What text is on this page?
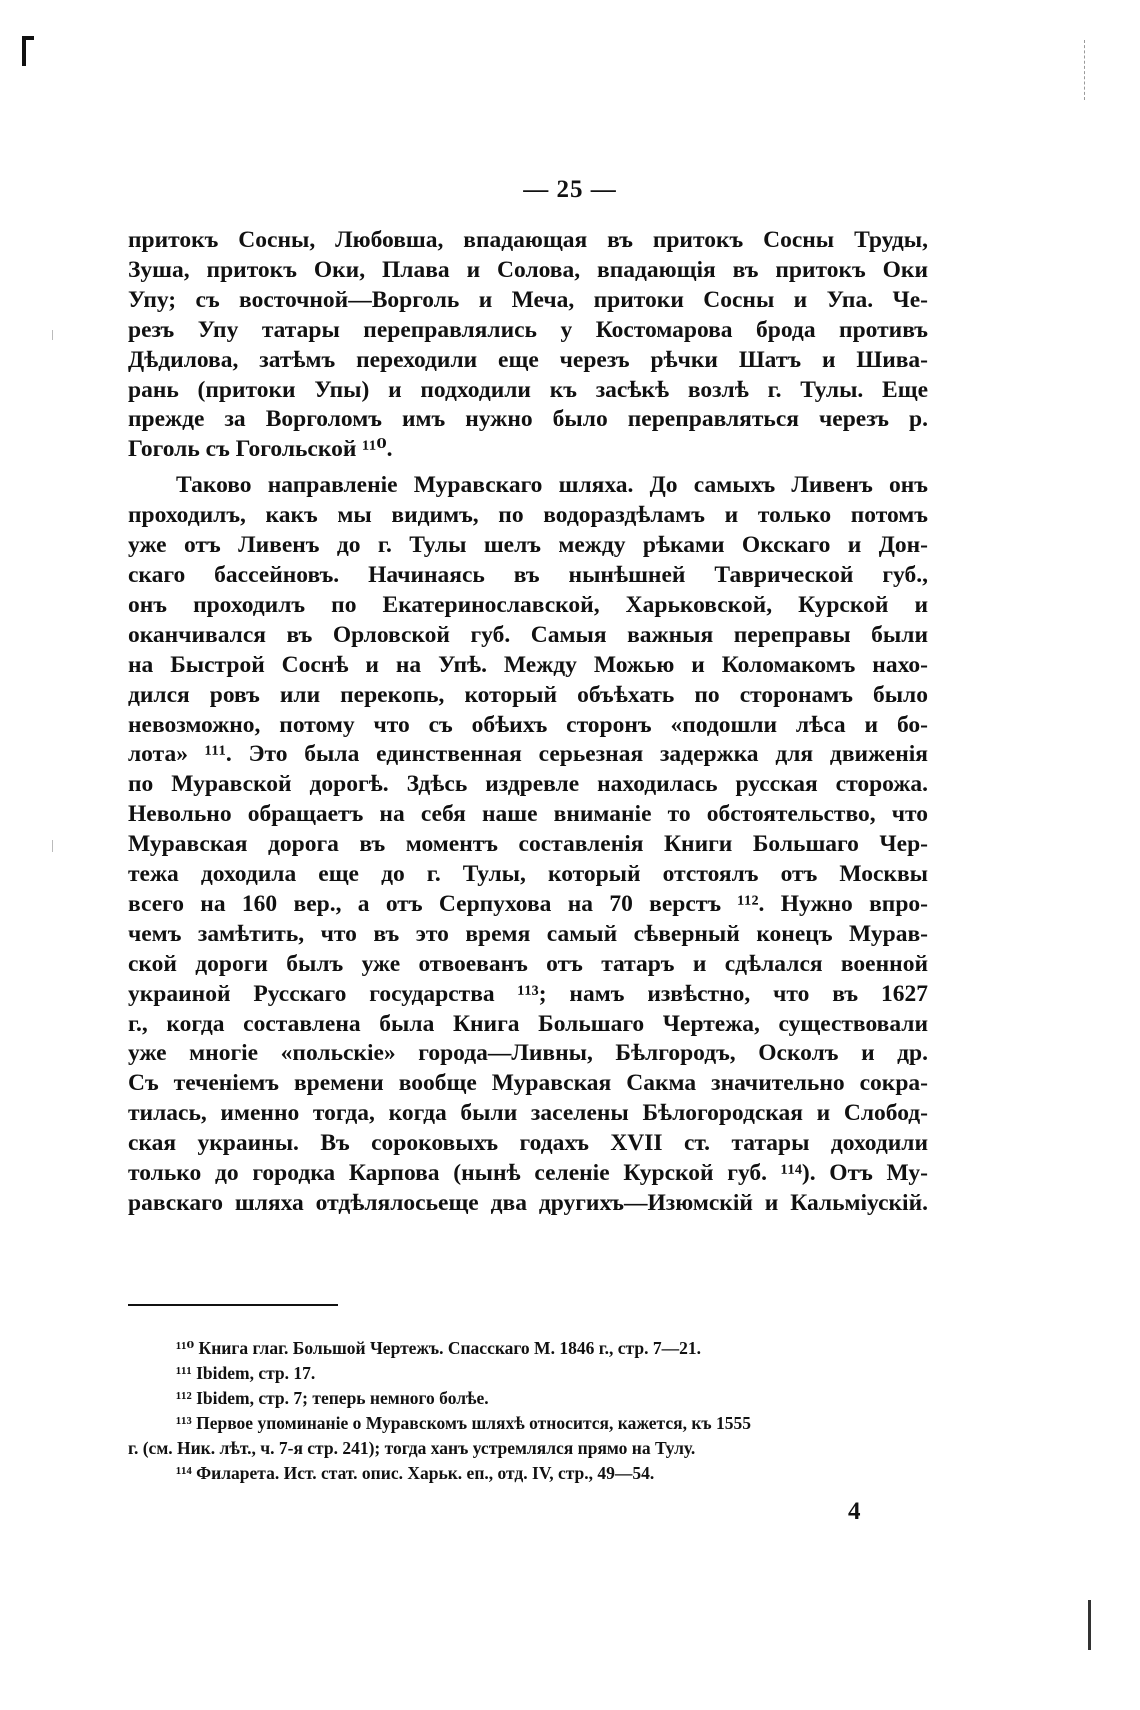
— 25 —
притокъ Сосны, Любовша, впадающая въ притокъ Сосны Труды,
Зуша, притокъ Оки, Плава и Солова, впадающія въ притокъ Оки
Упу; съ восточной—Ворголь и Меча, притоки Сосны и Упа. Че-
резъ Упу татары переправлялись у Костомарова брода противъ
Дѣдилова, затѣмъ переходили еще черезъ рѣчки Шатъ и Шива-
рань (притоки Упы) и подходили къ засѣкѣ возлѣ г. Тулы. Еще
прежде за Ворголомъ имъ нужно было переправляться черезъ р.
Гоголь съ Гогольской ¹¹⁰.
Таково направленіе Муравскаго шляха. До самыхъ Ливенъ онъ
проходилъ, какъ мы видимъ, по водораздѣламъ и только потомъ
уже отъ Ливенъ до г. Тулы шелъ между рѣками Окскаго и Дон-
скаго бассейновъ. Начинаясь въ нынѣшней Таврической губ.,
онъ проходилъ по Екатеринославской, Харьковской, Курской и
оканчивался въ Орловской губ. Самыя важныя переправы были
на Быстрой Соснѣ и на Упѣ. Между Можью и Коломакомъ нахо-
дился ровъ или перекопь, который объѣхать по сторонамъ было
невозможно, потому что съ обѣихъ сторонъ «подошли лѣса и бо-
лота» ¹¹¹. Это была единственная серьезная задержка для движенія
по Муравской дорогѣ. Здѣсь издревле находилась русская сторожа.
Невольно обращаетъ на себя наше вниманіе то обстоятельство, что
Муравская дорога въ моментъ составленія Книги Большаго Чер-
тежа доходила еще до г. Тулы, который отстоялъ отъ Москвы
всего на 160 вер., а отъ Серпухова на 70 верстъ ¹¹². Нужно впро-
чемъ замѣтить, что въ это время самый сѣверный конецъ Мурав-
ской дороги былъ уже отвоеванъ отъ татаръ и сдѣлался военной
украиной Русскаго государства ¹¹³; намъ извѣстно, что въ 1627
г., когда составлена была Книга Большаго Чертежа, существовали
уже многіе «польскіе» города—Ливны, Бѣлгородъ, Осколъ и др.
Съ теченіемъ времени вообще Муравская Сакма значительно сокра-
тилась, именно тогда, когда были заселены Бѣлогородская и Слобод-
ская украины. Въ сороковыхъ годахъ XVII ст. татары доходили
только до городка Карпова (нынѣ селеніе Курской губ. ¹¹⁴). Отъ Му-
равскаго шляха отдѣлялосьеще два другихъ—Изюмскій и Кальміускій.
¹¹⁰ Книга глаг. Большой Чертежъ. Спасскаго М. 1846 г., стр. 7—21.
¹¹¹ Ibidem, стр. 17.
¹¹² Ibidem, стр. 7; теперь немного болѣе.
¹¹³ Первое упоминаніе о Муравскомъ шляхѣ относится, кажется, къ 1555
г. (см. Ник. лѣт., ч. 7-я стр. 241); тогда ханъ устремлялся прямо на Тулу.
¹¹⁴ Филарета. Ист. стат. опис. Харьк. еп., отд. IV, стр., 49—54.
4
